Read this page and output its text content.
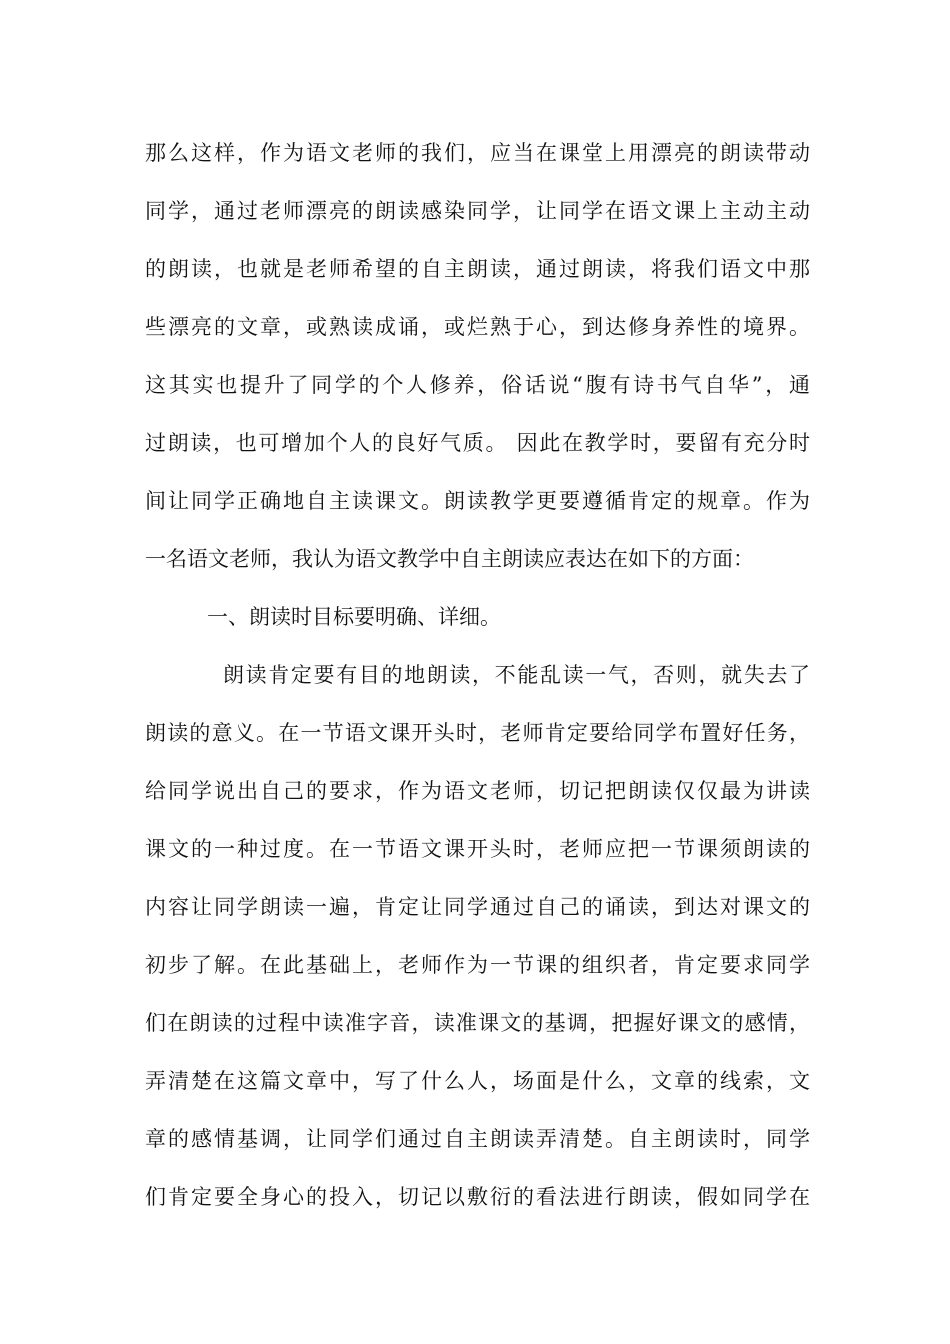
那么这样，作为语文老师的我们，应当在课堂上用漂亮的朗读带动
同学，通过老师漂亮的朗读感染同学，让同学在语文课上主动主动
的朗读，也就是老师希望的自主朗读，通过朗读，将我们语文中那
些漂亮的文章，或熟读成诵，或烂熟于心，到达修身养性的境界。
这其实也提升了同学的个人修养，俗话说“腹有诗书气自华”，通
过朗读，也可增加个人的良好气质。 因此在教学时，要留有充分时
间让同学正确地自主读课文。朗读教学更要遵循肯定的规章。作为
一名语文老师，我认为语文教学中自主朗读应表达在如下的方面：
一、朗读时目标要明确、详细。
朗读肯定要有目的地朗读，不能乱读一气，否则，就失去了
朗读的意义。在一节语文课开头时，老师肯定要给同学布置好任务，
给同学说出自己的要求，作为语文老师，切记把朗读仅仅最为讲读
课文的一种过度。在一节语文课开头时，老师应把一节课须朗读的
内容让同学朗读一遍，肯定让同学通过自己的诵读，到达对课文的
初步了解。在此基础上，老师作为一节课的组织者，肯定要求同学
们在朗读的过程中读准字音，读准课文的基调，把握好课文的感情，
弄清楚在这篇文章中，写了什么人，场面是什么，文章的线索，文
章的感情基调，让同学们通过自主朗读弄清楚。自主朗读时，同学
们肯定要全身心的投入，切记以敷衍的看法进行朗读，假如同学在
